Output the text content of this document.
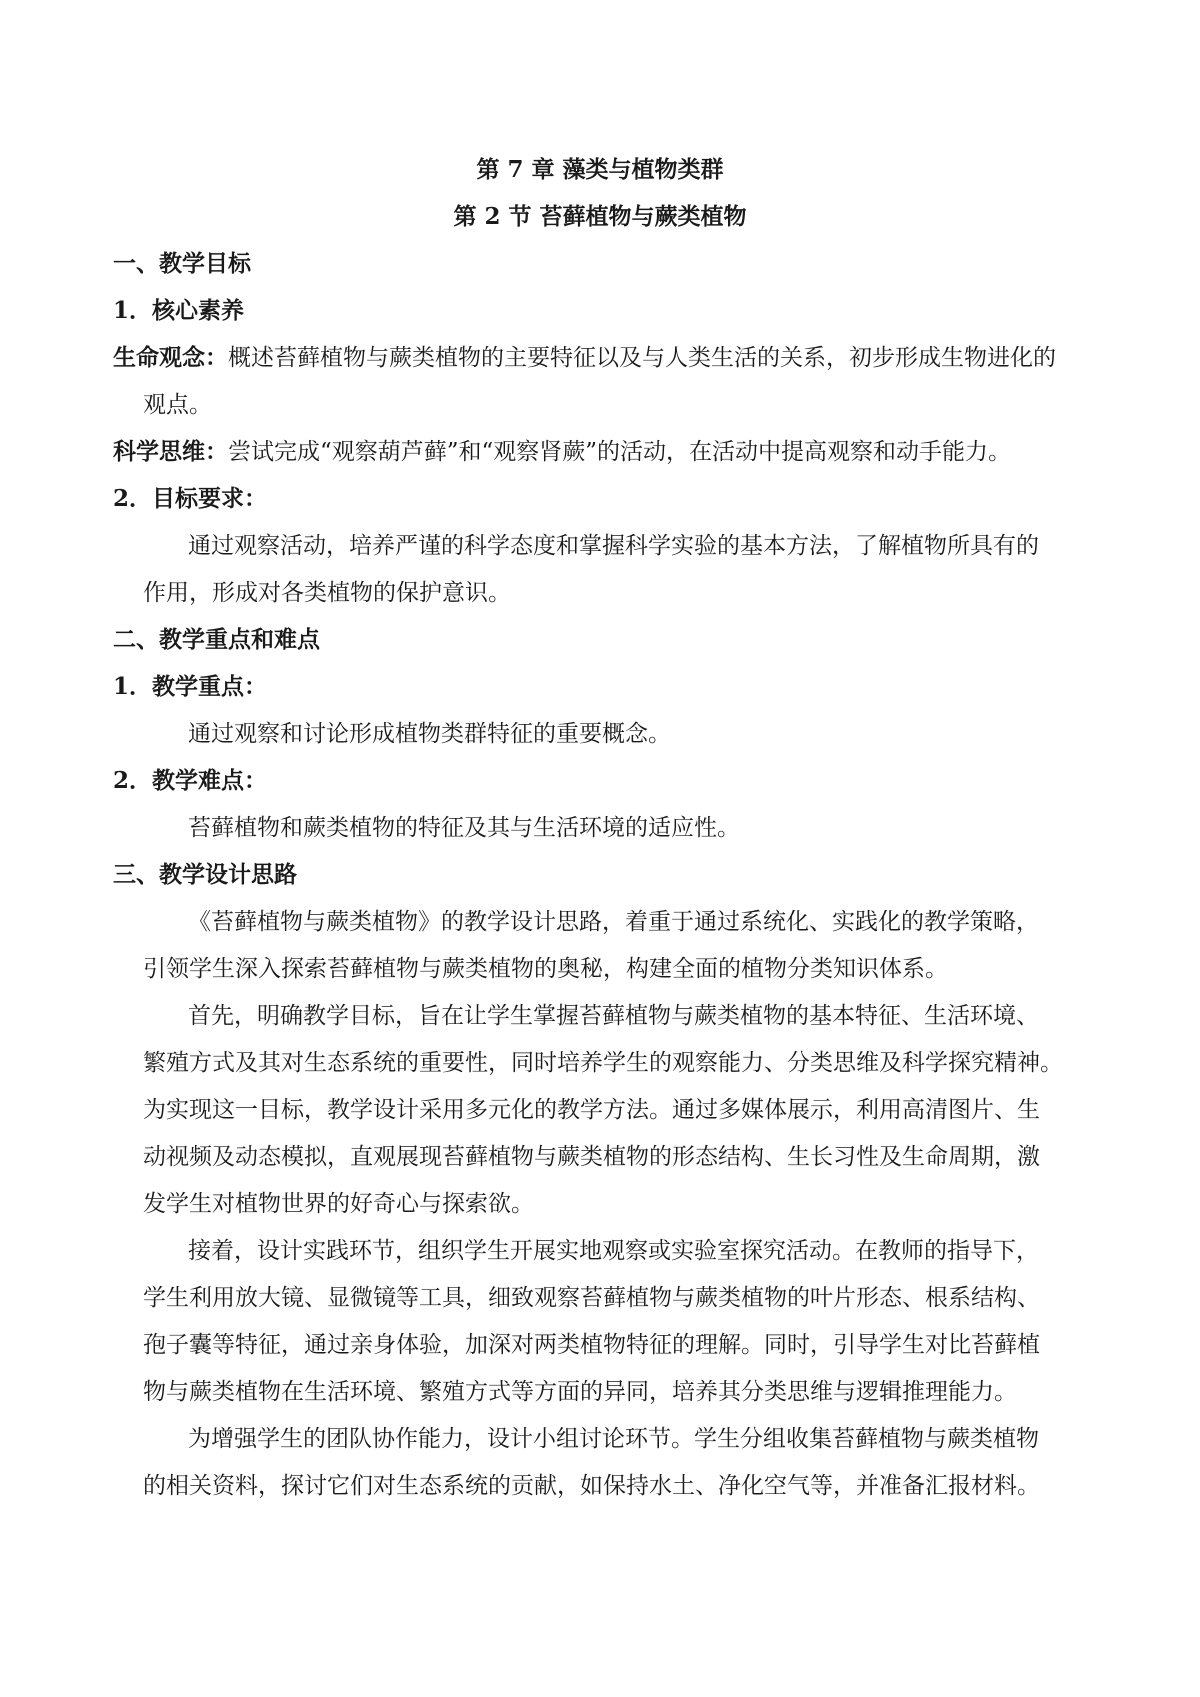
第 7 章 藻类与植物类群
第 2 节 苔藓植物与蕨类植物
一、教学目标
1．核心素养
生命观念：概述苔藓植物与蕨类植物的主要特征以及与人类生活的关系，初步形成生物进化的
观点。
科学思维：尝试完成“观察葫芦藓”和“观察肾蕨”的活动，在活动中提高观察和动手能力。
2．目标要求：
通过观察活动，培养严谨的科学态度和掌握科学实验的基本方法，了解植物所具有的
作用，形成对各类植物的保护意识。
二、教学重点和难点
1．教学重点：
通过观察和讨论形成植物类群特征的重要概念。
2．教学难点：
苔藓植物和蕨类植物的特征及其与生活环境的适应性。
三、教学设计思路
《苔藓植物与蕨类植物》的教学设计思路，着重于通过系统化、实践化的教学策略，
引领学生深入探索苔藓植物与蕨类植物的奥秘，构建全面的植物分类知识体系。
首先，明确教学目标，旨在让学生掌握苔藓植物与蕨类植物的基本特征、生活环境、
繁殖方式及其对生态系统的重要性，同时培养学生的观察能力、分类思维及科学探究精神。
为实现这一目标，教学设计采用多元化的教学方法。通过多媒体展示，利用高清图片、生
动视频及动态模拟，直观展现苔藓植物与蕨类植物的形态结构、生长习性及生命周期，激
发学生对植物世界的好奇心与探索欲。
接着，设计实践环节，组织学生开展实地观察或实验室探究活动。在教师的指导下，
学生利用放大镜、显微镜等工具，细致观察苔藓植物与蕨类植物的叶片形态、根系结构、
孢子囊等特征，通过亲身体验，加深对两类植物特征的理解。同时，引导学生对比苔藓植
物与蕨类植物在生活环境、繁殖方式等方面的异同，培养其分类思维与逻辑推理能力。
为增强学生的团队协作能力，设计小组讨论环节。学生分组收集苔藓植物与蕨类植物
的相关资料，探讨它们对生态系统的贡献，如保持水土、净化空气等，并准备汇报材料。
